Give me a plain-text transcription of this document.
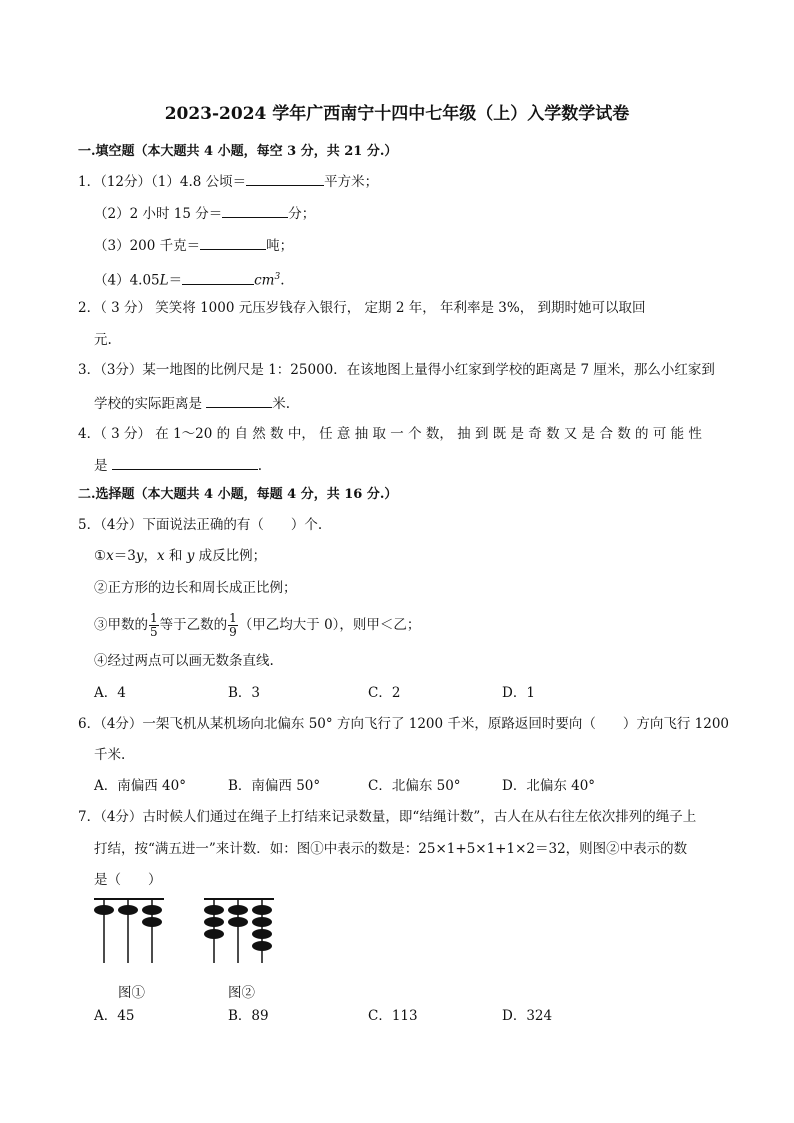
2023-2024 学年广西南宁十四中七年级（上）入学数学试卷
一.填空题（本大题共 4 小题，每空 3 分，共 21 分.）
1．（12分）（1）4.8 公顷＝	平方米；
（2）2 小时 15 分＝	分；
（3）200 千克＝	吨；
（4）4.05L＝	$cm^3$.
2．（ 3 分） 笑笑将 1000 元压岁钱存入银行， 定期 2 年， 年利率是 3%， 到期时她可以取回
元.
3．（3分）某一地图的比例尺是 1：25000．在该地图上量得小红家到学校的距离是 7 厘米，那么小红家到
学校的实际距离是	米.
4．（ 3 分） 在 1～20 的 自 然 数 中， 任 意 抽 取 一 个 数， 抽 到 既 是 奇 数 又 是 合 数 的 可 能 性
是	.
二.选择题（本大题共 4 小题，每题 4 分，共 16 分.）
5．（4分）下面说法正确的有（　　）个.
①x＝3y，x 和 y 成反比例；
②正方形的边长和周长成正比例；
③甲数的 $\frac{1}{5}$ 等于乙数的 $\frac{1}{9}$ （甲乙均大于 0），则甲＜乙；
④经过两点可以画无数条直线.
A．4	B．3	C．2	D．1
6．（4分）一架飞机从某机场向北偏东 50° 方向飞行了 1200 千米，原路返回时要向（　　）方向飞行 1200
千米.
A．南偏西 40°	B．南偏西 50°	C．北偏东 50°	D．北偏东 40°
7．（4分）古时候人们通过在绳子上打结来记录数量，即“结绳计数”，古人在从右往左依次排列的绳子上
打结，按“满五进一”来计数．如：图①中表示的数是：25×1+5×1+1×2＝32，则图②中表示的数
是（　　）
图①	图②
A．45	B．89	C．113	D．324
